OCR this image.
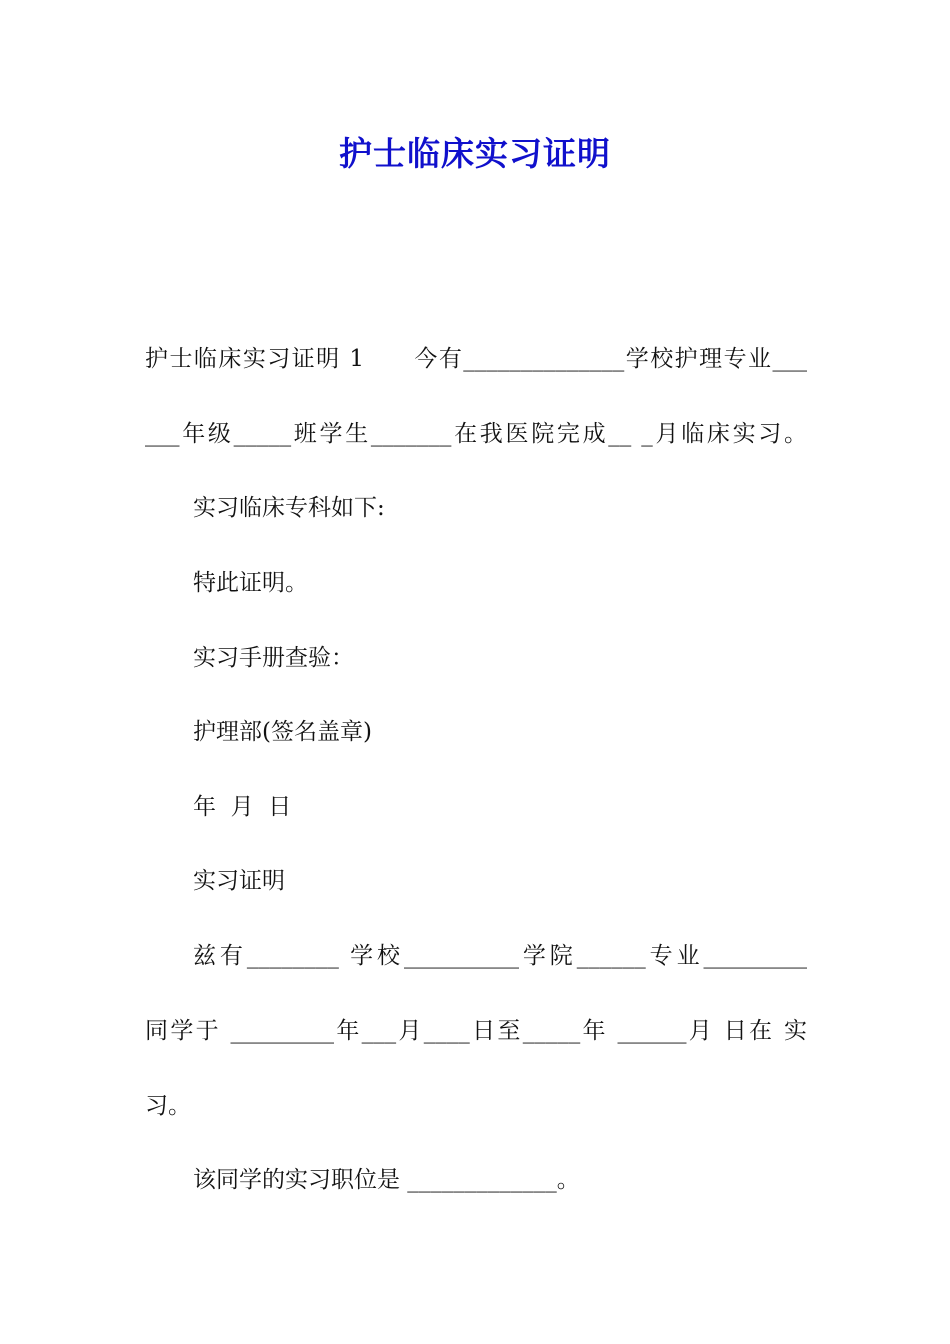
护士临床实习证明
护士临床实习证明 1　　今有______________学校护理专业___
___年级_____班学生_______在我医院完成__ _月临床实习。
实习临床专科如下:
特此证明。
实习手册查验：
护理部(签名盖章)
年  月  日
实习证明
兹有________ 学校__________学院______专业_________
同学于 _________年___月____日至_____年 ______月 日在 实
习。
该同学的实习职位是 _____________。
